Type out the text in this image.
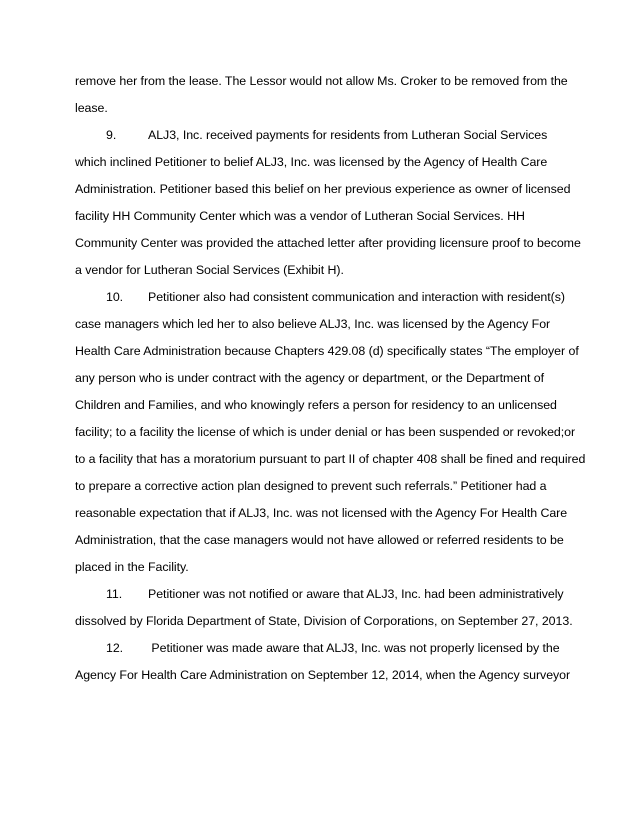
remove her from the lease. The Lessor would not allow Ms. Croker to be removed from the
lease.
9.	ALJ3, Inc. received payments for residents from Lutheran Social Services
which inclined Petitioner to belief ALJ3, Inc. was licensed by the Agency of Health Care
Administration. Petitioner based this belief on her previous experience as owner of licensed
facility HH Community Center which was a vendor of Lutheran Social Services. HH
Community Center was provided the attached letter after providing licensure proof to become
a vendor for Lutheran Social Services (Exhibit H).
10. Petitioner also had consistent communication and interaction with resident(s)
case managers which led her to also believe ALJ3, Inc. was licensed by the Agency For
Health Care Administration because Chapters 429.08 (d) specifically states “The employer of
any person who is under contract with the agency or department, or the Department of
Children and Families, and who knowingly refers a person for residency to an unlicensed
facility; to a facility the license of which is under denial or has been suspended or revoked;or
to a facility that has a moratorium pursuant to part II of chapter 408 shall be fined and required
to prepare a corrective action plan designed to prevent such referrals.” Petitioner had a
reasonable expectation that if ALJ3, Inc. was not licensed with the Agency For Health Care
Administration, that the case managers would not have allowed or referred residents to be
placed in the Facility.
11. Petitioner was not notified or aware that ALJ3, Inc. had been administratively
dissolved by Florida Department of State, Division of Corporations, on September 27, 2013.
12. Petitioner was made aware that ALJ3, Inc. was not properly licensed by the
Agency For Health Care Administration on September 12, 2014, when the Agency surveyor
